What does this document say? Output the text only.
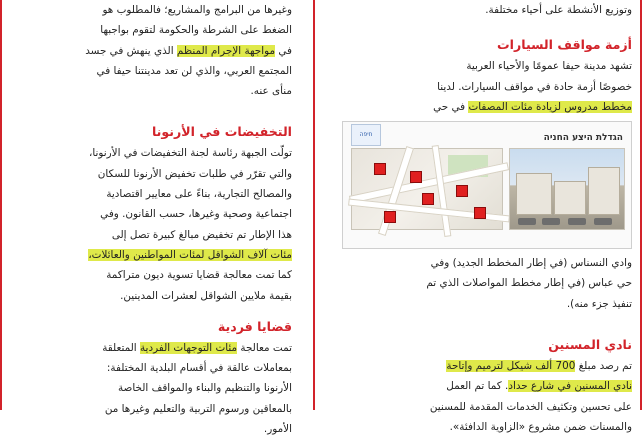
وغيرها من البرامج والمشاريع؛ فالمطلوب هو

الضغط على الشرطة والحكومة لتقوم بواجبها

في مواجهة الإجرام المنظم الذي ينهش في جسد

المجتمع العربي، والذي لن تعد مدينتنا حيفا في

منأى عنه.

التخفيضات في الأرنونا

تولّت الجبهة رئاسة لجنة التخفيضات في الأرنونا،

والتي تقرّر في طلبات تخفيض الأرنونا للسكان

والمصالح التجارية، بناءً على معايير اقتصادية

اجتماعية وصحية وغيرها، حسب القانون. وفي

هذا الإطار تم تخفيض مبالغ كبيرة تصل إلى

مئات آلاف الشواقل لمئات المواطنين والعائلات،

كما تمت معالجة قضايا تسوية ديون متراكمة

بقيمة ملايين الشواقل لعشرات المدينين.

قضايا فردية

تمت معالجة مئات التوجهات الفردية المتعلقة

بمعاملات عالقة في أقسام البلدية المختلفة:

الأرنونا والتنظيم والبناء والمواقف الخاصة

بالمعاقين ورسوم التربية والتعليم وغيرها من

الأمور.

وتوزيع الأنشطة على أحياء مختلفة.

أزمة مواقف السيارات

تشهد مدينة حيفا عمومًا والأحياء العربية

خصوصًا أزمة حادة في مواقف السيارات. لدينا

مخطط مدروس لزيادة مئات المصفات في حي

חיפה	הגדלת היצע החניה

وادي النسناس (في إطار المخطط الجديد) وفي

حي عباس (في إطار مخطط المواصلات الذي تم

تنفيذ جزء منه).

نادي المسنين

تم رصد مبلغ 700 ألف شيكل لترميم وإتاحة

نادي المسنين في شارع حداد. كما تم العمل

على تحسين وتكثيف الخدمات المقدمة للمسنين

والمسنات ضمن مشروع «الزاوية الدافئة».
